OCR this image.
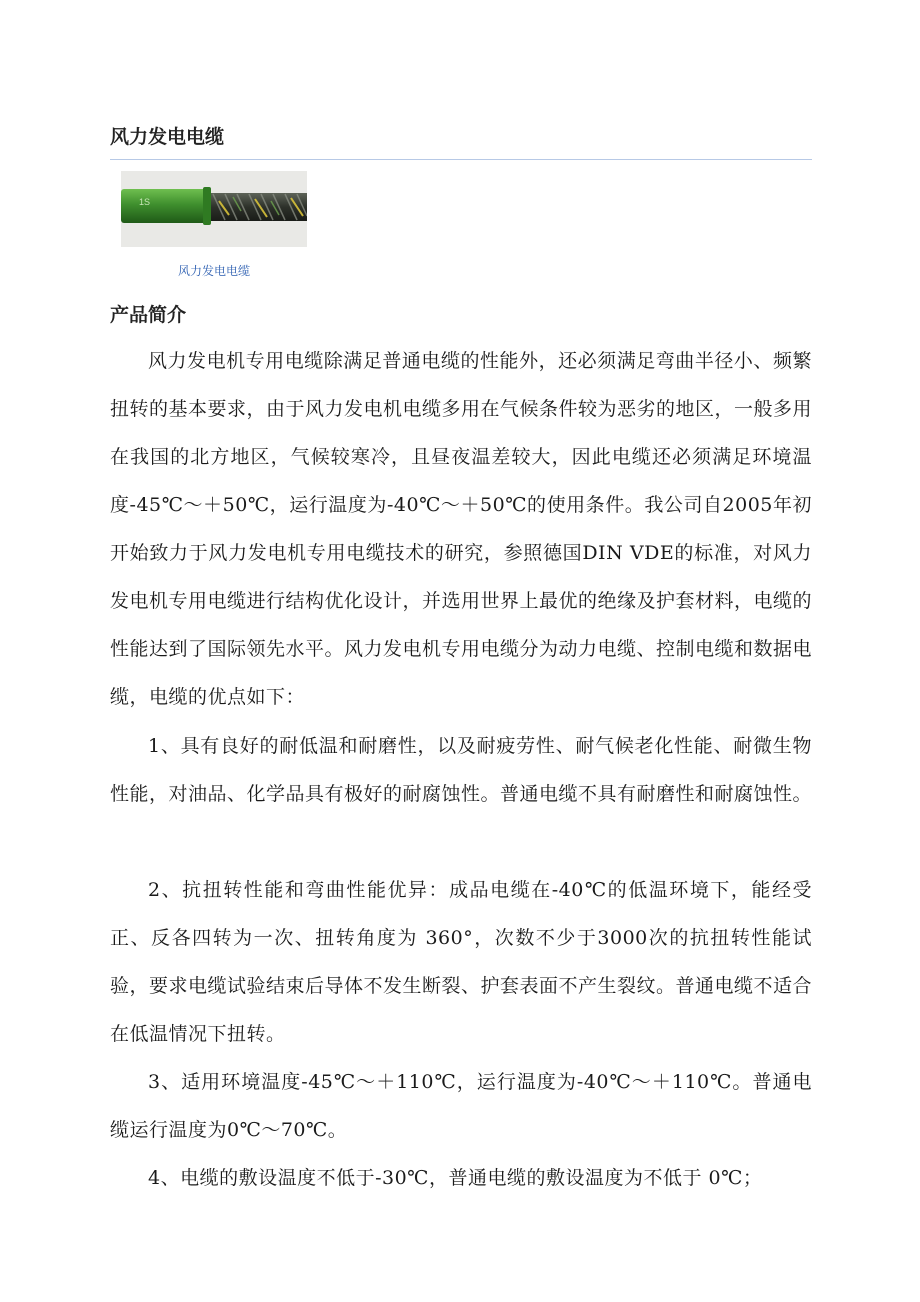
风力发电电缆
1S
风力发电电缆
产品简介

风力发电机专用电缆除满足普通电缆的性能外，还必须满足弯曲半径小、频繁扭转的基本要求，由于风力发电机电缆多用在气候条件较为恶劣的地区，一般多用在我国的北方地区，气候较寒冷，且昼夜温差较大，因此电缆还必须满足环境温度-45℃～＋50℃，运行温度为-40℃～＋50℃的使用条件。我公司自2005年初开始致力于风力发电机专用电缆技术的研究，参照德国DIN VDE的标准，对风力发电机专用电缆进行结构优化设计，并选用世界上最优的绝缘及护套材料，电缆的性能达到了国际领先水平。风力发电机专用电缆分为动力电缆、控制电缆和数据电缆，电缆的优点如下：

1、具有良好的耐低温和耐磨性，以及耐疲劳性、耐气候老化性能、耐微生物性能，对油品、化学品具有极好的耐腐蚀性。普通电缆不具有耐磨性和耐腐蚀性。

2、抗扭转性能和弯曲性能优异：成品电缆在-40℃的低温环境下，能经受正、反各四转为一次、扭转角度为 360°，次数不少于3000次的抗扭转性能试验，要求电缆试验结束后导体不发生断裂、护套表面不产生裂纹。普通电缆不适合在低温情况下扭转。

3、适用环境温度-45℃～＋110℃，运行温度为-40℃～＋110℃。普通电缆运行温度为0℃～70℃。

4、电缆的敷设温度不低于-30℃，普通电缆的敷设温度为不低于 0℃；
